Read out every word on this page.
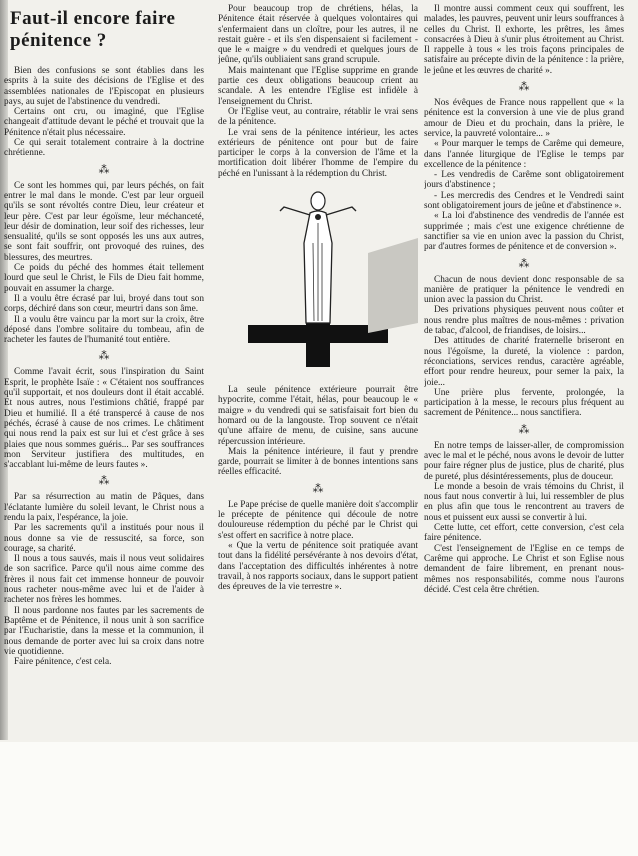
Faut-il encore faire pénitence ?

Bien des confusions se sont établies dans les esprits à la suite des décisions de l'Eglise et des assemblées nationales de l'Episcopat en plusieurs pays, au sujet de l'abstinence du vendredi.

Certains ont cru, ou imaginé, que l'Eglise changeait d'attitude devant le péché et trouvait que la Pénitence n'était plus nécessaire.

Ce qui serait totalement contraire à la doctrine chrétienne.

⁂

Ce sont les hommes qui, par leurs péchés, on fait entrer le mal dans le monde. C'est par leur orgueil qu'ils se sont révoltés contre Dieu, leur créateur et leur père. C'est par leur égoïsme, leur méchanceté, leur désir de domination, leur soif des richesses, leur sensualité, qu'ils se sont opposés les uns aux autres, se sont fait souffrir, ont provoqué des ruines, des blessures, des meurtres.

Ce poids du péché des hommes était tellement lourd que seul le Christ, le Fils de Dieu fait homme, pouvait en assumer la charge.

Il a voulu être écrasé par lui, broyé dans tout son corps, déchiré dans son cœur, meurtri dans son âme.

Il a voulu être vaincu par la mort sur la croix, être déposé dans l'ombre solitaire du tombeau, afin de racheter les fautes de l'humanité tout entière.

⁂

Comme l'avait écrit, sous l'inspiration du Saint Esprit, le prophète Isaïe : « C'étaient nos souffrances qu'il supportait, et nos douleurs dont il était accablé. Et nous autres, nous l'estimions châtié, frappé par Dieu et humilié. Il a été transpercé à cause de nos péchés, écrasé à cause de nos crimes. Le châtiment qui nous rend la paix est sur lui et c'est grâce à ses plaies que nous sommes guéris... Par ses souffrances mon Serviteur justifiera des multitudes, en s'accablant lui-même de leurs fautes ».

⁂

Par sa résurrection au matin de Pâques, dans l'éclatante lumière du soleil levant, le Christ nous a rendu la paix, l'espérance, la joie.

Par les sacrements qu'il a institués pour nous il nous donne sa vie de ressuscité, sa force, son courage, sa charité.

Il nous a tous sauvés, mais il nous veut solidaires de son sacrifice. Parce qu'il nous aime comme des frères il nous fait cet immense honneur de pouvoir nous racheter nous-même avec lui et de l'aider à racheter nos frères les hommes.

Il nous pardonne nos fautes par les sacrements de Baptême et de Pénitence, il nous unit à son sacrifice par l'Eucharistie, dans la messe et la communion, il nous demande de porter avec lui sa croix dans notre vie quotidienne.

Faire pénitence, c'est cela.

Pour beaucoup trop de chrétiens, hélas, la Pénitence était réservée à quelques volontaires qui s'enfermaient dans un cloître, pour les autres, il ne restait guère - et ils s'en dispensaient si facilement - que le « maigre » du vendredi et quelques jours de jeûne, qu'ils oubliaient sans grand scrupule.

Mais maintenant que l'Eglise supprime en grande partie ces deux obligations beaucoup crient au scandale. A les entendre l'Eglise est infidèle à l'enseignement du Christ.

Or l'Eglise veut, au contraire, rétablir le vrai sens de la pénitence.

Le vrai sens de la pénitence intérieur, les actes extérieurs de pénitence ont pour but de faire participer le corps à la conversion de l'âme et la mortification doit libérer l'homme de l'empire du péché en l'unissant à la rédemption du Christ.

La seule pénitence extérieure pourrait être hypocrite, comme l'était, hélas, pour beaucoup le « maigre » du vendredi qui se satisfaisait fort bien du homard ou de la langouste. Trop souvent ce n'était qu'une affaire de menu, de cuisine, sans aucune répercussion intérieure.

Mais la pénitence intérieure, il faut y prendre garde, pourrait se limiter à de bonnes intentions sans réelles efficacité.

⁂

Le Pape précise de quelle manière doit s'accomplir le précepte de pénitence qui découle de notre douloureuse rédemption du péché par le Christ qui s'est offert en sacrifice à notre place.

« Que la vertu de pénitence soit pratiquée avant tout dans la fidélité persévérante à nos devoirs d'état, dans l'acceptation des difficultés inhérentes à notre travail, à nos rapports sociaux, dans le support patient des épreuves de la vie terrestre ».

Il montre aussi comment ceux qui souffrent, les malades, les pauvres, peuvent unir leurs souffrances à celles du Christ. Il exhorte, les prêtres, les âmes consacrées à Dieu à s'unir plus étroitement au Christ. Il rappelle à tous « les trois façons principales de satisfaire au précepte divin de la pénitence : la prière, le jeûne et les œuvres de charité ».

⁂

Nos évêques de France nous rappellent que « la pénitence est la conversion à une vie de plus grand amour de Dieu et du prochain, dans la prière, le service, la pauvreté volontaire... »

« Pour marquer le temps de Carême qui demeure, dans l'année liturgique de l'Eglise le temps par excellence de la pénitence :

- Les vendredis de Carême sont obligatoirement jours d'abstinence ;

- Les mercredis des Cendres et le Vendredi saint sont obligatoirement jours de jeûne et d'abstinence ».

« La loi d'abstinence des vendredis de l'année est supprimée ; mais c'est une exigence chrétienne de sanctifier sa vie en union avec la passion du Christ, par d'autres formes de pénitence et de conversion ».

⁂

Chacun de nous devient donc responsable de sa manière de pratiquer la pénitence le vendredi en union avec la passion du Christ.

Des privations physiques peuvent nous coûter et nous rendre plus maîtres de nous-mêmes : privation de tabac, d'alcool, de friandises, de loisirs...

Des attitudes de charité fraternelle briseront en nous l'égoïsme, la dureté, la violence : pardon, réconciations, services rendus, caractère agréable, effort pour rendre heureux, pour semer la paix, la joie...

Une prière plus fervente, prolongée, la participation à la messe, le recours plus fréquent au sacrement de Pénitence... nous sanctifiera.

⁂

En notre temps de laisser-aller, de compromission avec le mal et le péché, nous avons le devoir de lutter pour faire régner plus de justice, plus de charité, plus de pureté, plus désintéressements, plus de douceur.

Le monde a besoin de vrais témoins du Christ, il nous faut nous convertir à lui, lui ressembler de plus en plus afin que tous le rencontrent au travers de nous et puissent eux aussi se convertir à lui.

Cette lutte, cet effort, cette conversion, c'est cela faire pénitence.

C'est l'enseignement de l'Eglise en ce temps de Carême qui approche. Le Christ et son Eglise nous demandent de faire librement, en prenant nous-mêmes nos responsabilités, comme nous l'aurons décidé. C'est cela être chrétien.
